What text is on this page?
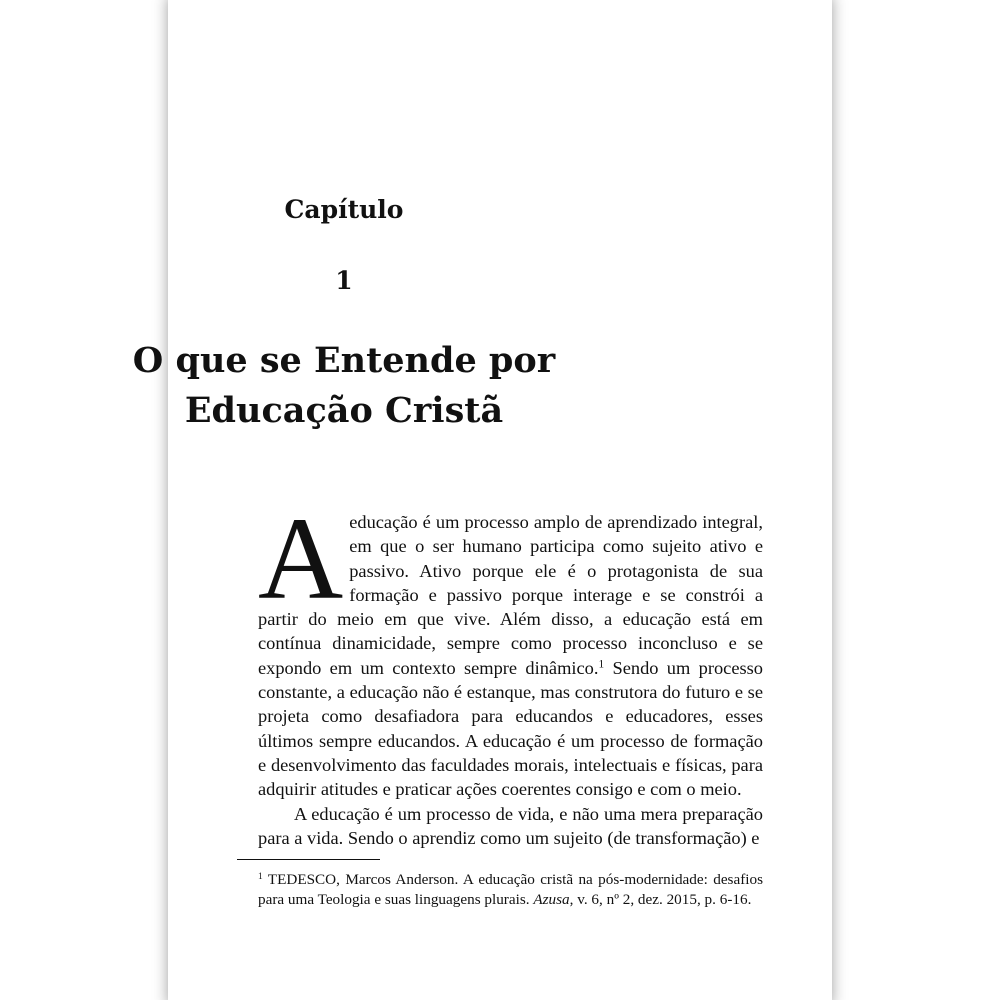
Capítulo
1
O que se Entende por
Educação Cristã

Aeducação é um processo amplo de aprendizado integral, em que o ser humano participa como sujeito ativo e passivo. Ativo porque ele é o protagonista de sua formação e passivo porque interage e se constrói a partir do meio em que vive. Além disso, a educação está em contínua dinamicidade, sempre como processo inconcluso e se expondo em um contexto sempre dinâmico.$^1$ Sendo um processo constante, a educação não é estanque, mas construtora do futuro e se projeta como desafiadora para educandos e educadores, esses últimos sempre educandos. A educação é um processo de formação e desenvolvimento das faculdades morais, intelectuais e físicas, para adquirir atitudes e praticar ações coerentes consigo e com o meio.

A educação é um processo de vida, e não uma mera preparação para a vida. Sendo o aprendiz como um sujeito (de transformação) e

$^1$ TEDESCO, Marcos Anderson. A educação cristã na pós-modernidade: desafios para uma Teologia e suas linguagens plurais. Azusa, v. 6, nº 2, dez. 2015, p. 6-16.
